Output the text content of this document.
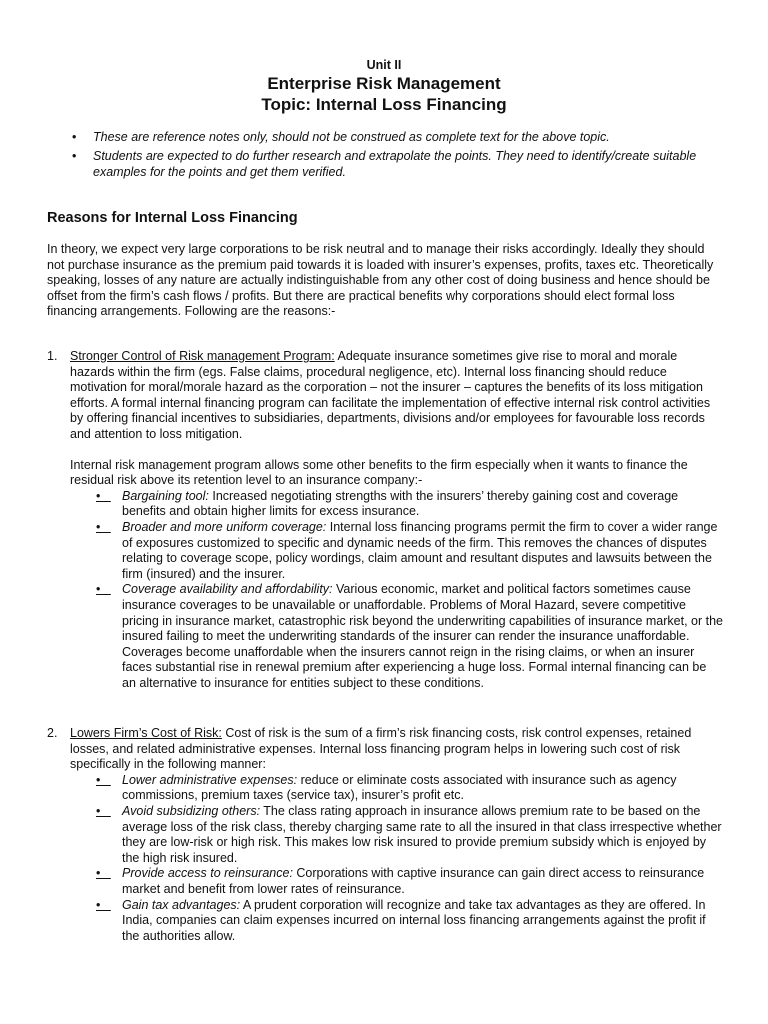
Unit II
Enterprise Risk Management
Topic: Internal Loss Financing
• These are reference notes only, should not be construed as complete text for the above topic.
• Students are expected to do further research and extrapolate the points. They need to identify/create suitable examples for the points and get them verified.
Reasons for Internal Loss Financing

In theory, we expect very large corporations to be risk neutral and to manage their risks accordingly. Ideally they should not purchase insurance as the premium paid towards it is loaded with insurer’s expenses, profits, taxes etc. Theoretically speaking, losses of any nature are actually indistinguishable from any other cost of doing business and hence should be offset from the firm’s cash flows / profits. But there are practical benefits why corporations should elect formal loss financing arrangements. Following are the reasons:-

1. Stronger Control of Risk management Program: Adequate insurance sometimes give rise to moral and morale hazards within the firm (egs. False claims, procedural negligence, etc). Internal loss financing should reduce motivation for moral/morale hazard as the corporation – not the insurer – captures the benefits of its loss mitigation efforts. A formal internal financing program can facilitate the implementation of effective internal risk control activities by offering financial incentives to subsidiaries, departments, divisions and/or employees for favourable loss records and attention to loss mitigation.

Internal risk management program allows some other benefits to the firm especially when it wants to finance the residual risk above its retention level to an insurance company:-

• Bargaining tool: Increased negotiating strengths with the insurers’ thereby gaining cost and coverage benefits and obtain higher limits for excess insurance.
• Broader and more uniform coverage: Internal loss financing programs permit the firm to cover a wider range of exposures customized to specific and dynamic needs of the firm. This removes the chances of disputes relating to coverage scope, policy wordings, claim amount and resultant disputes and lawsuits between the firm (insured) and the insurer.
• Coverage availability and affordability: Various economic, market and political factors sometimes cause insurance coverages to be unavailable or unaffordable. Problems of Moral Hazard, severe competitive pricing in insurance market, catastrophic risk beyond the underwriting capabilities of insurance market, or the insured failing to meet the underwriting standards of the insurer can render the insurance unaffordable. Coverages become unaffordable when the insurers cannot reign in the rising claims, or when an insurer faces substantial rise in renewal premium after experiencing a huge loss. Formal internal financing can be an alternative to insurance for entities subject to these conditions.
2. Lowers Firm’s Cost of Risk: Cost of risk is the sum of a firm’s risk financing costs, risk control expenses, retained losses, and related administrative expenses. Internal loss financing program helps in lowering such cost of risk specifically in the following manner:

• Lower administrative expenses: reduce or eliminate costs associated with insurance such as agency commissions, premium taxes (service tax), insurer’s profit etc.
• Avoid subsidizing others: The class rating approach in insurance allows premium rate to be based on the average loss of the risk class, thereby charging same rate to all the insured in that class irrespective whether they are low-risk or high risk. This makes low risk insured to provide premium subsidy which is enjoyed by the high risk insured.
• Provide access to reinsurance: Corporations with captive insurance can gain direct access to reinsurance market and benefit from lower rates of reinsurance.
• Gain tax advantages: A prudent corporation will recognize and take tax advantages as they are offered. In India, companies can claim expenses incurred on internal loss financing arrangements against the profit if the authorities allow.
